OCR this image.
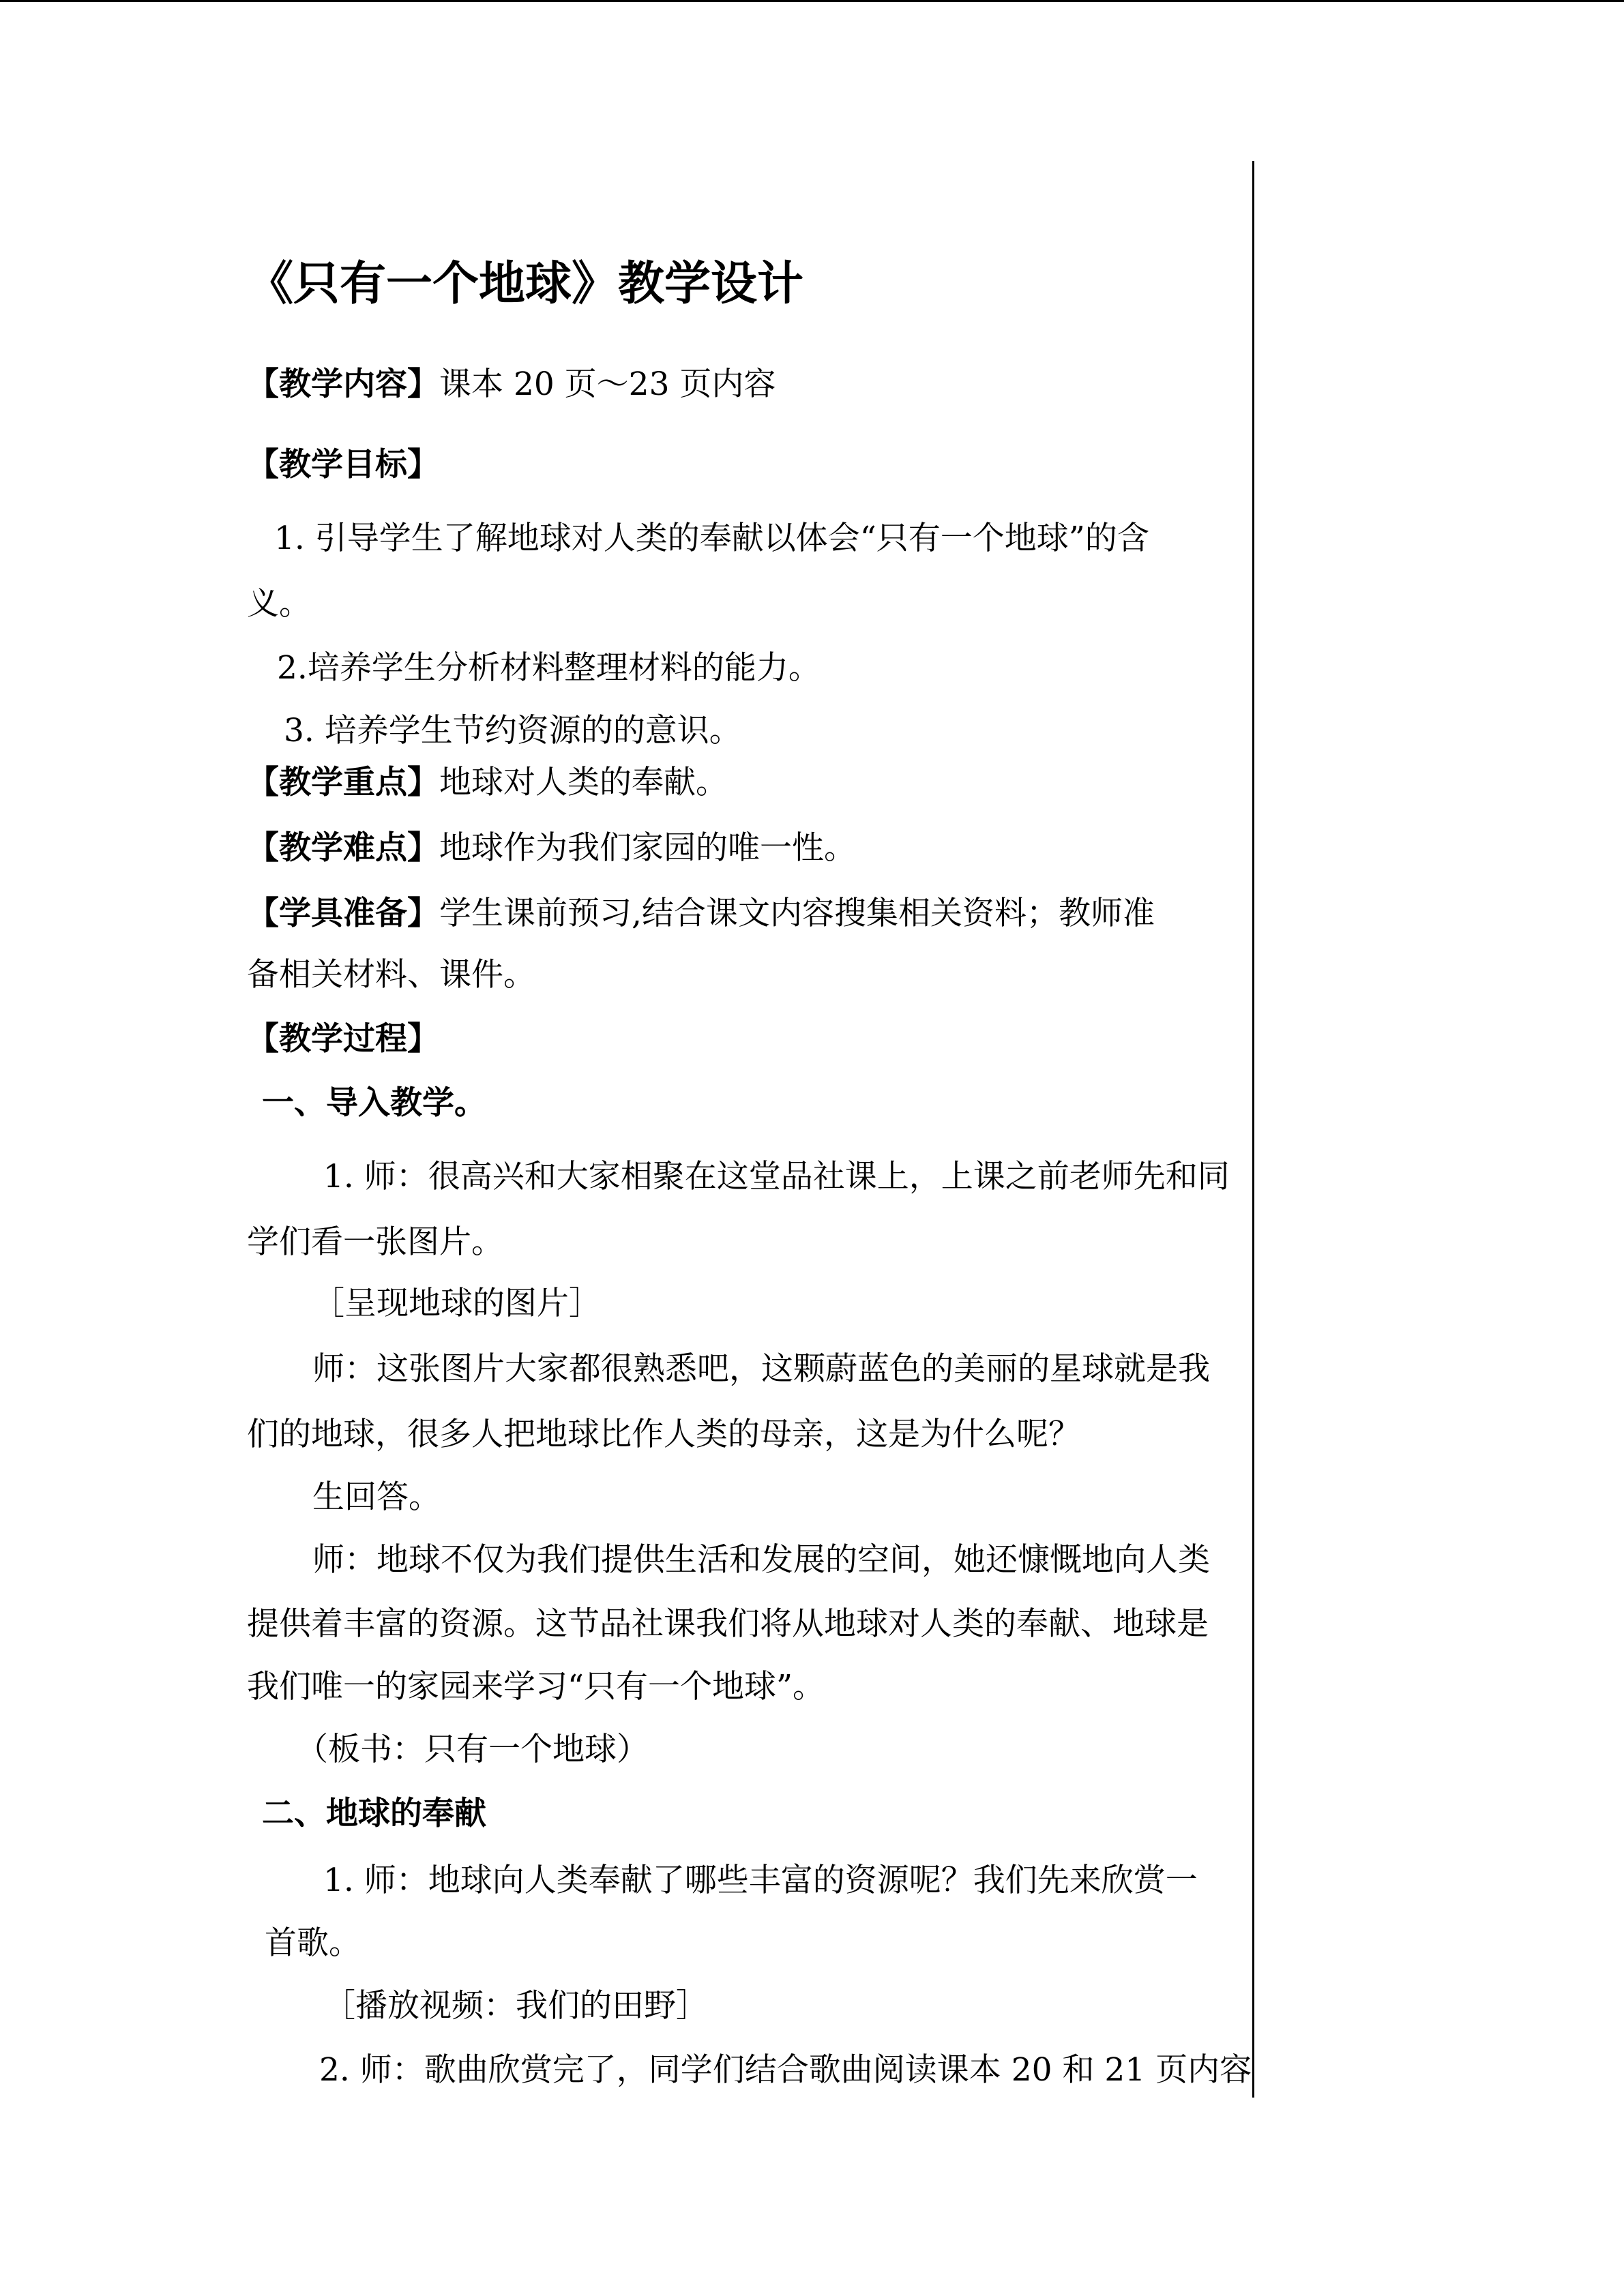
《只有一个地球》教学设计
【教学内容】课本 20 页～23 页内容
【教学目标】
1. 引导学生了解地球对人类的奉献以体会“只有一个地球”的含
义。
2.培养学生分析材料整理材料的能力。
3. 培养学生节约资源的的意识。
【教学重点】地球对人类的奉献。
【教学难点】地球作为我们家园的唯一性。
【学具准备】学生课前预习,结合课文内容搜集相关资料；教师准
备相关材料、课件。
【教学过程】
一、导入教学。
1. 师：很高兴和大家相聚在这堂品社课上，上课之前老师先和同
学们看一张图片。
［呈现地球的图片］
师：这张图片大家都很熟悉吧，这颗蔚蓝色的美丽的星球就是我
们的地球，很多人把地球比作人类的母亲，这是为什么呢？
生回答。
师：地球不仅为我们提供生活和发展的空间，她还慷慨地向人类
提供着丰富的资源。这节品社课我们将从地球对人类的奉献、地球是
我们唯一的家园来学习“只有一个地球”。
（板书：只有一个地球）
二、地球的奉献
1. 师：地球向人类奉献了哪些丰富的资源呢？我们先来欣赏一
首歌。
［播放视频：我们的田野］
2. 师：歌曲欣赏完了，同学们结合歌曲阅读课本 20 和 21 页内容
